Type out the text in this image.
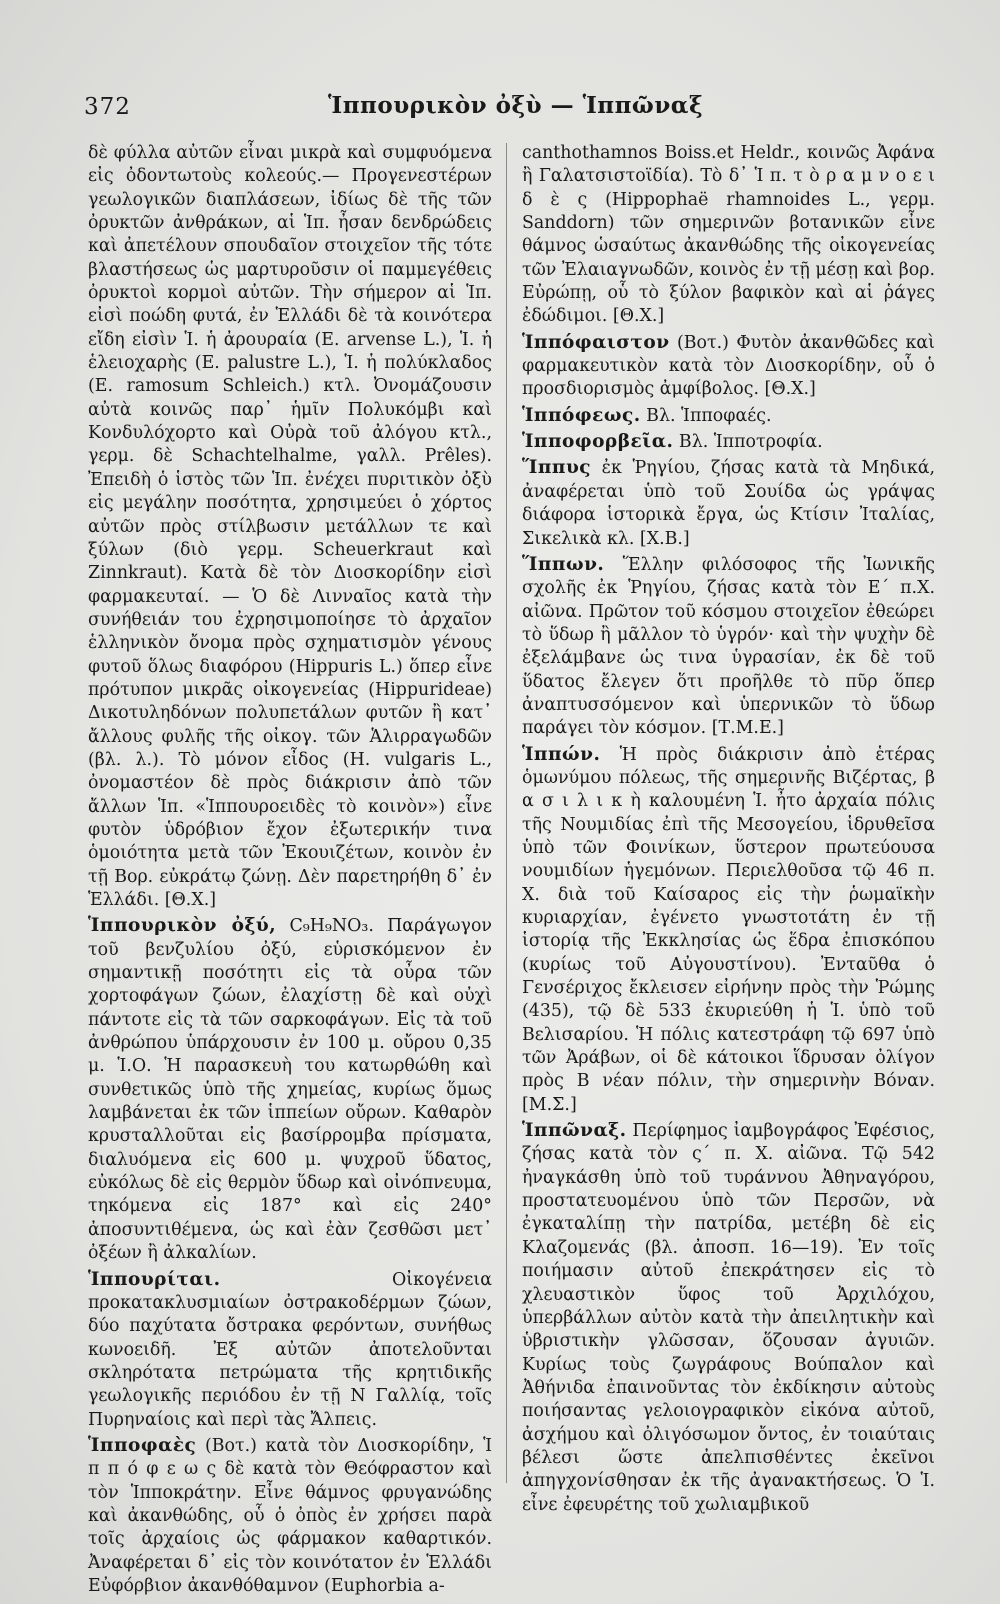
372	Ἱππουρικὸν ὀξὺ — Ἱππῶναξ

δὲ φύλλα αὐτῶν εἶναι μικρὰ καὶ συμφυόμενα εἰς ὀδοντωτοὺς κολεούς.— Προγενεστέρων γεωλογικῶν διαπλάσεων, ἰδίως δὲ τῆς τῶν ὀρυκτῶν ἀνθράκων, αἱ Ἱπ. ἦσαν δενδρώδεις καὶ ἀπετέλουν σπουδαῖον στοιχεῖον τῆς τότε βλαστήσεως ὡς μαρτυροῦσιν οἱ παμμεγέθεις ὀρυκτοὶ κορμοὶ αὐτῶν. Τὴν σήμερον αἱ Ἱπ. εἰσὶ ποώδη φυτά, ἐν Ἑλλάδι δὲ τὰ κοινότερα εἴδη εἰσὶν Ἱ. ἡ ἀρουραία (E. arvense L.), Ἱ. ἡ ἑλειοχαρὴς (E. palustre L.), Ἱ. ἡ πολύκλαδος (E. ramosum Schleich.) κτλ. Ὀνομάζουσιν αὐτὰ κοινῶς παρ᾿ ἡμῖν Πολυκόμβι καὶ Κονδυλόχορτο καὶ Οὐρὰ τοῦ ἀλόγου κτλ., γερμ. δὲ Schachtelhalme, γαλλ. Prêles). Ἐπειδὴ ὁ ἱστὸς τῶν Ἱπ. ἐνέχει πυριτικὸν ὀξὺ εἰς μεγάλην ποσότητα, χρησιμεύει ὁ χόρτος αὐτῶν πρὸς στίλβωσιν μετάλλων τε καὶ ξύλων (διὸ γερμ. Scheuerkraut καὶ Zinnkraut). Κατὰ δὲ τὸν Διοσκορίδην εἰσὶ φαρμακευταί. — Ὁ δὲ Λινναῖος κατὰ τὴν συνήθειάν του ἐχρησιμοποίησε τὸ ἀρχαῖον ἑλληνικὸν ὄνομα πρὸς σχηματισμὸν γένους φυτοῦ ὅλως διαφόρου (Hippuris L.) ὅπερ εἶνε πρότυπον μικρᾶς οἰκογενείας (Hippurideae) Δικοτυληδόνων πολυπετάλων φυτῶν ἢ κατ᾿ ἄλλους φυλῆς τῆς οἰκογ. τῶν Ἁλιρραγωδῶν (βλ. λ.). Τὸ μόνον εἶδος (H. vulgaris L., ὀνομαστέον δὲ πρὸς διάκρισιν ἀπὸ τῶν ἄλλων Ἱπ. «Ἱππουροειδὲς τὸ κοινὸν») εἶνε φυτὸν ὑδρόβιον ἔχον ἐξωτερικήν τινα ὁμοιότητα μετὰ τῶν Ἐκουιζέτων, κοινὸν ἐν τῇ Βορ. εὐκράτῳ ζώνῃ. Δὲν παρετηρήθη δ᾿ ἐν Ἑλλάδι. [Θ.Χ.]

Ἱππουρικὸν ὀξύ, C₉H₉NO₃. Παράγωγον τοῦ βενζυλίου ὀξύ, εὑρισκόμενον ἐν σημαντικῇ ποσότητι εἰς τὰ οὖρα τῶν χορτοφάγων ζώων, ἐλαχίστῃ δὲ καὶ οὐχὶ πάντοτε εἰς τὰ τῶν σαρκοφάγων. Εἰς τὰ τοῦ ἀνθρώπου ὑπάρχουσιν ἐν 100 μ. οὔρου 0,35 μ. Ἱ.Ο. Ἡ παρασκευὴ του κατωρθώθη καὶ συνθετικῶς ὑπὸ τῆς χημείας, κυρίως ὅμως λαμβάνεται ἐκ τῶν ἱππείων οὔρων. Καθαρὸν κρυσταλλοῦται εἰς βασίρρομβα πρίσματα, διαλυόμενα εἰς 600 μ. ψυχροῦ ὕδατος, εὐκόλως δὲ εἰς θερμὸν ὕδωρ καὶ οἰνόπνευμα, τηκόμενα εἰς 187° καὶ εἰς 240° ἀποσυντιθέμενα, ὡς καὶ ἐὰν ζεσθῶσι μετ᾿ ὀξέων ἢ ἀλκαλίων.

Ἱππουρίται. Οἰκογένεια προκατακλυσμιαίων ὀστρακοδέρμων ζώων, δύο παχύτατα ὄστρακα φερόντων, συνήθως κωνοειδῆ. Ἐξ αὐτῶν ἀποτελοῦνται σκληρότατα πετρώματα τῆς κρητιδικῆς γεωλογικῆς περιόδου ἐν τῇ Ν Γαλλίᾳ, τοῖς Πυρηναίοις καὶ περὶ τὰς Ἄλπεις.

Ἱπποφαὲς (Βοτ.) κατὰ τὸν Διοσκορίδην, Ἱ π π ό φ ε ω ς δὲ κατὰ τὸν Θεόφραστον καὶ τὸν Ἱπποκράτην. Εἶνε θάμνος φρυγανώδης καὶ ἀκανθώδης, οὗ ὁ ὀπὸς ἐν χρήσει παρὰ τοῖς ἀρχαίοις ὡς φάρμακον καθαρτικόν. Ἀναφέρεται δ᾿ εἰς τὸν κοινότατον ἐν Ἑλλάδι Εὐφόρβιον ἀκανθόθαμνον (Euphorbia a-

canthothamnos Boiss.et Heldr., κοινῶς Ἀφάνα ἢ Γαλατσιστοϊδία). Τὸ δ᾿ Ἱ π. τ ὸ ρ α μ ν ο ε ι δ ὲ ς (Hippophaë rhamnoides L., γερμ. Sanddorn) τῶν σημερινῶν βοτανικῶν εἶνε θάμνος ὡσαύτως ἀκανθώδης τῆς οἰκογενείας τῶν Ἐλαιαγνωδῶν, κοινὸς ἐν τῇ μέσῃ καὶ βορ. Εὐρώπῃ, οὗ τὸ ξύλον βαφικὸν καὶ αἱ ῥάγες ἐδώδιμοι. [Θ.Χ.]

Ἱππόφαιστον (Βοτ.) Φυτὸν ἀκανθῶδες καὶ φαρμακευτικὸν κατὰ τὸν Διοσκορίδην, οὗ ὁ προσδιορισμὸς ἀμφίβολος. [Θ.Χ.]

Ἱππόφεως. Βλ. Ἱπποφαές.

Ἱπποφορβεῖα. Βλ. Ἱπποτροφία.

Ἵππυς ἐκ Ῥηγίου, ζήσας κατὰ τὰ Μηδικά, ἀναφέρεται ὑπὸ τοῦ Σουίδα ὡς γράψας διάφορα ἱστορικὰ ἔργα, ὡς Κτίσιν Ἰταλίας, Σικελικὰ κλ. [Χ.Β.]

Ἵππων. Ἕλλην φιλόσοφος τῆς Ἰωνικῆς σχολῆς ἐκ Ῥηγίου, ζήσας κατὰ τὸν Ε΄ π.Χ. αἰῶνα. Πρῶτον τοῦ κόσμου στοιχεῖον ἐθεώρει τὸ ὕδωρ ἢ μᾶλλον τὸ ὑγρόν· καὶ τὴν ψυχὴν δὲ ἐξελάμβανε ὡς τινα ὑγρασίαν, ἐκ δὲ τοῦ ὕδατος ἔλεγεν ὅτι προῆλθε τὸ πῦρ ὅπερ ἀναπτυσσόμενον καὶ ὑπερνικῶν τὸ ὕδωρ παράγει τὸν κόσμον. [Τ.Μ.Ε.]

Ἱππών. Ἡ πρὸς διάκρισιν ἀπὸ ἑτέρας ὁμωνύμου πόλεως, τῆς σημερινῆς Βιζέρτας, β α σ ι λ ι κ ὴ καλουμένη Ἱ. ἦτο ἀρχαία πόλις τῆς Νουμιδίας ἐπὶ τῆς Μεσογείου, ἱδρυθεῖσα ὑπὸ τῶν Φοινίκων, ὕστερον πρωτεύουσα νουμιδίων ἡγεμόνων. Περιελθοῦσα τῷ 46 π. Χ. διὰ τοῦ Καίσαρος εἰς τὴν ῥωμαϊκὴν κυριαρχίαν, ἐγένετο γνωστοτάτη ἐν τῇ ἱστορίᾳ τῆς Ἐκκλησίας ὡς ἕδρα ἐπισκόπου (κυρίως τοῦ Αὐγουστίνου). Ἐνταῦθα ὁ Γενσέριχος ἔκλεισεν εἰρήνην πρὸς τὴν Ῥώμης (435), τῷ δὲ 533 ἐκυριεύθη ἡ Ἱ. ὑπὸ τοῦ Βελισαρίου. Ἡ πόλις κατεστράφη τῷ 697 ὑπὸ τῶν Ἀράβων, οἱ δὲ κάτοικοι ἵδρυσαν ὀλίγον πρὸς Β νέαν πόλιν, τὴν σημερινὴν Βόναν. [Μ.Σ.]

Ἱππῶναξ. Περίφημος ἰαμβογράφος Ἐφέσιος, ζήσας κατὰ τὸν ς΄ π. Χ. αἰῶνα. Τῷ 542 ἠναγκάσθη ὑπὸ τοῦ τυράννου Ἀθηναγόρου, προστατευομένου ὑπὸ τῶν Περσῶν, νὰ ἐγκαταλίπῃ τὴν πατρίδα, μετέβη δὲ εἰς Κλαζομενάς (βλ. ἀποσπ. 16—19). Ἐν τοῖς ποιήμασιν αὐτοῦ ἐπεκράτησεν εἰς τὸ χλευαστικὸν ὕφος τοῦ Ἀρχιλόχου, ὑπερβάλλων αὐτὸν κατὰ τὴν ἀπειλητικὴν καὶ ὑβριστικὴν γλῶσσαν, ὅζουσαν ἀγυιῶν. Κυρίως τοὺς ζωγράφους Βούπαλον καὶ Ἀθήνιδα ἐπαινοῦντας τὸν ἐκδίκησιν αὐτοὺς ποιήσαντας γελοιογραφικὸν εἰκόνα αὐτοῦ, ἀσχήμου καὶ ὀλιγόσωμον ὄντος, ἐν τοιαύταις βέλεσι ὥστε ἀπελπισθέντες ἐκεῖνοι ἀπηγχονίσθησαν ἐκ τῆς ἀγανακτήσεως. Ὁ Ἱ. εἶνε ἐφευρέτης τοῦ χωλιαμβικοῦ
